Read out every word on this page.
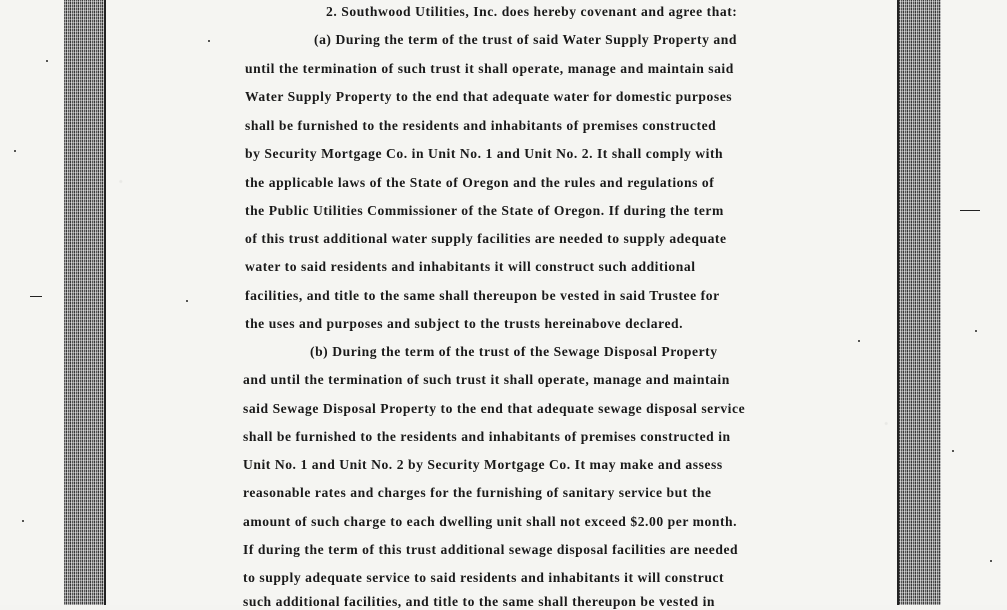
2. Southwood Utilities, Inc. does hereby covenant and agree that:
(a) During the term of the trust of said Water Supply Property and
until the termination of such trust it shall operate, manage and maintain said
Water Supply Property to the end that adequate water for domestic purposes
shall be furnished to the residents and inhabitants of premises constructed
by Security Mortgage Co. in Unit No. 1 and Unit No. 2. It shall comply with
the applicable laws of the State of Oregon and the rules and regulations of
the Public Utilities Commissioner of the State of Oregon. If during the term
of this trust additional water supply facilities are needed to supply adequate
water to said residents and inhabitants it will construct such additional
facilities, and title to the same shall thereupon be vested in said Trustee for
the uses and purposes and subject to the trusts hereinabove declared.
(b) During the term of the trust of the Sewage Disposal Property
and until the termination of such trust it shall operate, manage and maintain
said Sewage Disposal Property to the end that adequate sewage disposal service
shall be furnished to the residents and inhabitants of premises constructed in
Unit No. 1 and Unit No. 2 by Security Mortgage Co. It may make and assess
reasonable rates and charges for the furnishing of sanitary service but the
amount of such charge to each dwelling unit shall not exceed $2.00 per month.
If during the term of this trust additional sewage disposal facilities are needed
to supply adequate service to said residents and inhabitants it will construct
such additional facilities, and title to the same shall thereupon be vested in
